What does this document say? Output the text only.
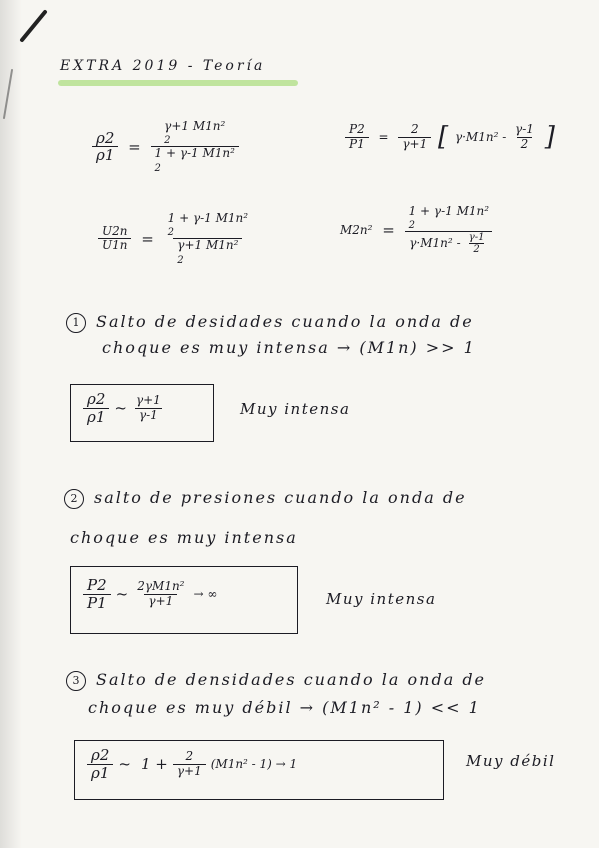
EXTRA 2019 - Teoría
$\frac{\rho 2}{\rho 1}$ =
γ+1 M1n²
2
1 + γ-1 M1n²
2
$\frac{P2}{P1} = \frac{2}{\gamma+1}$ [ $\gamma\cdot M1n^2 - \frac{\gamma-1}{2}$ ]
$\frac{U2n}{U1n}$ =
1 + γ-1 M1n²
2
γ+1 M1n²
2
M2n² =
1 + γ-1 M1n²
2
$\gamma\cdot M1n^2 - \frac{\gamma-1}{2}$
1 Salto de desidades cuando la onda de
choque es muy intensa → (M1n) >> 1
$\frac{\rho 2}{\rho 1}$ ~ $\frac{\gamma+1}{\gamma-1}$	Muy intensa
2 salto de presiones cuando la onda de
choque es muy intensa
$\frac{P2}{P1}$ ~ $\frac{\text{2γM1n²}}{\gamma+1}$ → ∞	Muy intensa
3 Salto de densidades cuando la onda de
choque es muy débil → (M1n² - 1) << 1
$\frac{\rho 2}{\rho 1}$ ~ $1 + \frac{2}{\gamma+1} (M1n^2 - 1) \to 1$	Muy débil
